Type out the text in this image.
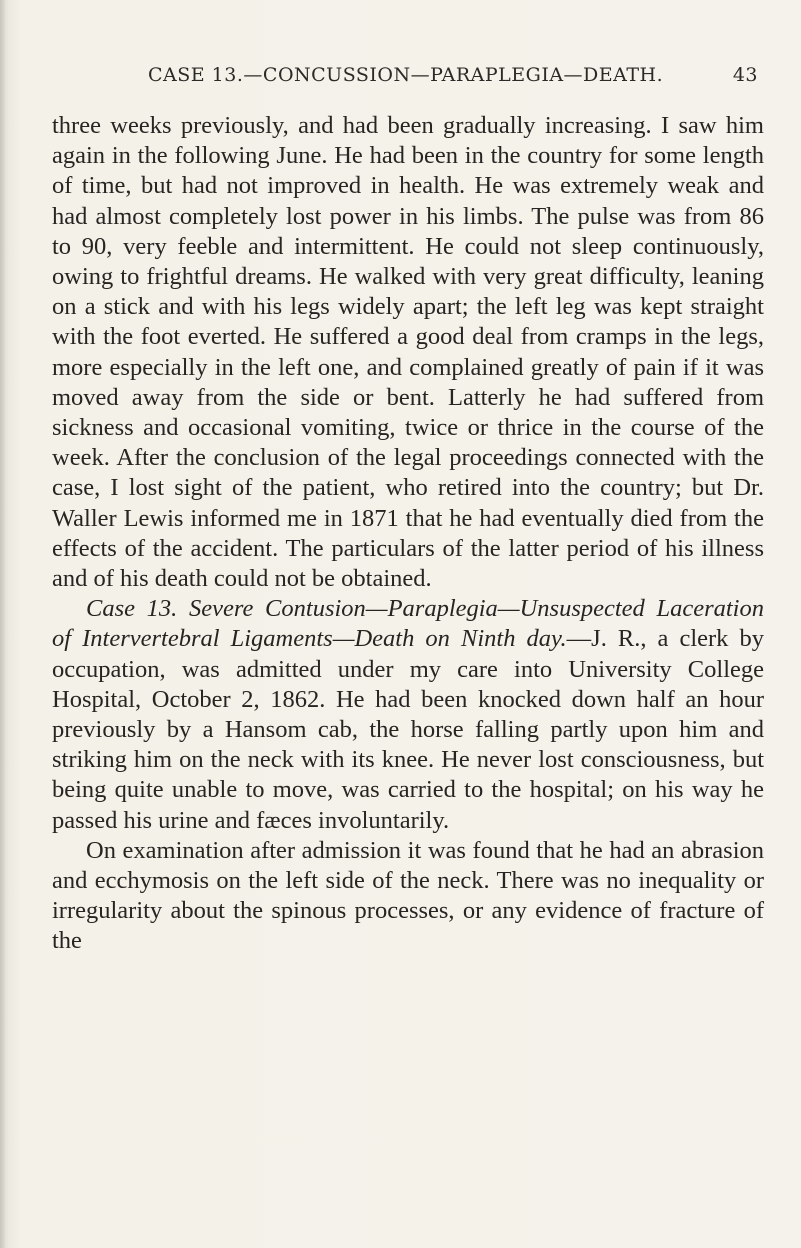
CASE 13.—CONCUSSION—PARAPLEGIA—DEATH.	43

three weeks previously, and had been gradually increasing. I saw him again in the following June. He had been in the country for some length of time, but had not improved in health. He was extremely weak and had almost completely lost power in his limbs. The pulse was from 86 to 90, very feeble and intermittent. He could not sleep continuously, owing to frightful dreams. He walked with very great difficulty, leaning on a stick and with his legs widely apart; the left leg was kept straight with the foot everted. He suffered a good deal from cramps in the legs, more especially in the left one, and complained greatly of pain if it was moved away from the side or bent. Latterly he had suffered from sickness and occasional vomiting, twice or thrice in the course of the week. After the conclusion of the legal proceedings connected with the case, I lost sight of the patient, who retired into the country; but Dr. Waller Lewis informed me in 1871 that he had eventually died from the effects of the accident. The particulars of the latter period of his illness and of his death could not be obtained.

Case 13. Severe Contusion—Paraplegia—Unsuspected Laceration of Intervertebral Ligaments—Death on Ninth day.—J. R., a clerk by occupation, was admitted under my care into University College Hospital, October 2, 1862. He had been knocked down half an hour previously by a Hansom cab, the horse falling partly upon him and striking him on the neck with its knee. He never lost consciousness, but being quite unable to move, was carried to the hospital; on his way he passed his urine and fæces involuntarily.

On examination after admission it was found that he had an abrasion and ecchymosis on the left side of the neck. There was no inequality or irregularity about the spinous processes, or any evidence of fracture of the
